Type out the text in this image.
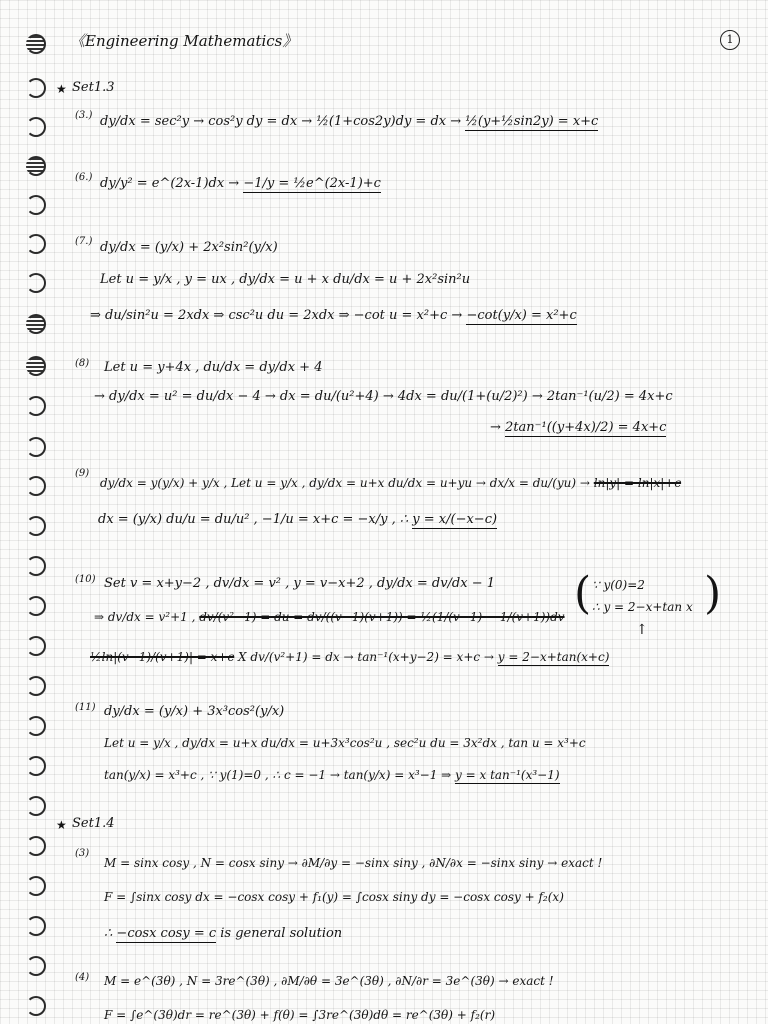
《Engineering Mathematics》	1
★ Set1.3
(3.) dy/dx = sec²y → cos²y dy = dx → ½(1+cos2y)dy = dx → ½(y+½sin2y) = x+c
(6.) dy/y² = e^(2x-1)dx → −1/y = ½e^(2x-1)+c
(7.) dy/dx = (y/x) + 2x²sin²(y/x)
Let u = y/x , y = ux , dy/dx = u + x du/dx = u + 2x²sin²u
⇒ du/sin²u = 2xdx ⇒ csc²u du = 2xdx ⇒ −cot u = x²+c → −cot(y/x) = x²+c
(8) Let u = y+4x , du/dx = dy/dx + 4
→ dy/dx = u² = du/dx − 4 → dx = du/(u²+4) → 4dx = du/(1+(u/2)²) → 2tan⁻¹(u/2) = 4x+c
→ 2tan⁻¹((y+4x)/2) = 4x+c
(9)
dy/dx = y(y/x) + y/x , Let u = y/x , dy/dx = u+x du/dx = u+yu → dx/x = du/(yu) → ln|y| = ln|x|+c
dx = (y/x) du/u = du/u² , −1/u = x+c = −x/y , ∴ y = x/(−x−c)
(10) Set v = x+y−2 , dv/dx = v² , y = v−x+2 , dy/dx = dv/dx − 1
⇒ dv/dx = v²+1 , dv/(v²−1) = du = dv/((v−1)(v+1)) = ½(1/(v−1) − 1/(v+1))dv
½ln|(v−1)/(v+1)| = x+c X dv/(v²+1) = dx → tan⁻¹(x+y−2) = x+c → y = 2−x+tan(x+c)
( ∵ y(0)=2
∴ y = 2−x+tan x )
↑
(11) dy/dx = (y/x) + 3x³cos²(y/x)
Let u = y/x , dy/dx = u+x du/dx = u+3x³cos²u , sec²u du = 3x²dx , tan u = x³+c
tan(y/x) = x³+c , ∵ y(1)=0 , ∴ c = −1 → tan(y/x) = x³−1 ⇒ y = x tan⁻¹(x³−1)
★ Set1.4
(3)
M = sinx cosy , N = cosx siny → ∂M/∂y = −sinx siny , ∂N/∂x = −sinx siny → exact !
F = ∫sinx cosy dx = −cosx cosy + f₁(y) = ∫cosx siny dy = −cosx cosy + f₂(x)
∴ −cosx cosy = c is general solution
(4) M = e^(3θ) , N = 3re^(3θ) , ∂M/∂θ = 3e^(3θ) , ∂N/∂r = 3e^(3θ) → exact !
F = ∫e^(3θ)dr = re^(3θ) + f(θ) = ∫3re^(3θ)dθ = re^(3θ) + f₂(r)
